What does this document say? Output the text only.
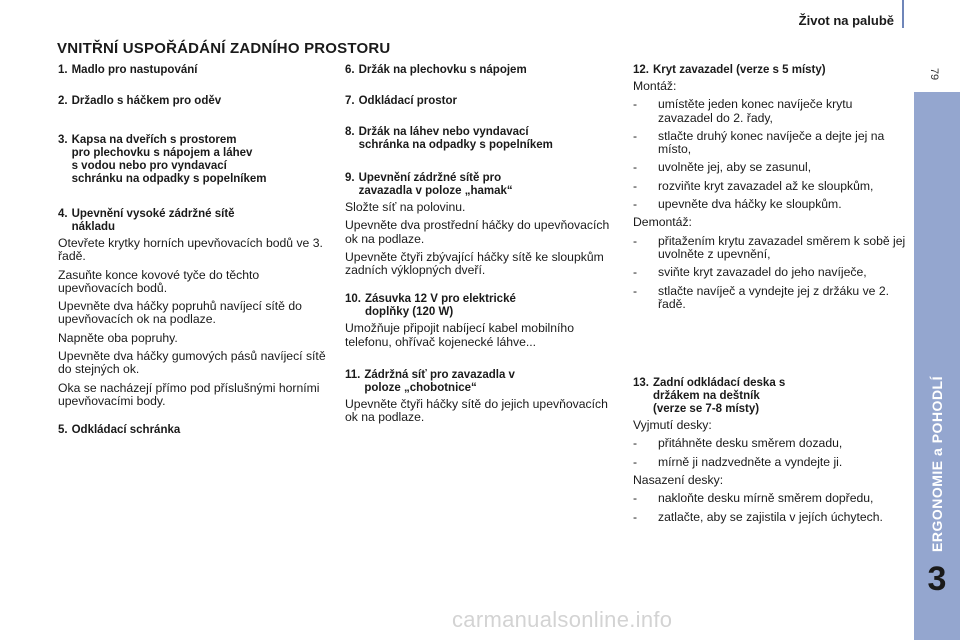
Život na palubě
79
ERGONOMIE a POHODLÍ
3
VNITŘNÍ USPOŘÁDÁNÍ ZADNÍHO PROSTORU
1. Madlo pro nastupování
2. Držadlo s háčkem pro oděv
3. Kapsa na dveřích s prostorem
pro plechovku s nápojem a láhev
s vodou nebo pro vyndavací
schránku na odpadky s popelníkem
4. Upevnění vysoké zádržné sítě
nákladu
Otevřete krytky horních upevňovacích bodů ve 3. řadě.
Zasuňte konce kovové tyče do těchto upevňovacích bodů.
Upevněte dva háčky popruhů navíjecí sítě do upevňovacích ok na podlaze.
Napněte oba popruhy.
Upevněte dva háčky gumových pásů navíjecí sítě do stejných ok.
Oka se nacházejí přímo pod příslušnými horními upevňovacími body.
5. Odkládací schránka
6. Držák na plechovku s nápojem
7. Odkládací prostor
8. Držák na láhev nebo vyndavací
schránka na odpadky s popelníkem
9. Upevnění zádržné sítě pro
zavazadla v poloze „hamak“
Složte síť na polovinu.
Upevněte dva prostřední háčky do upevňovacích ok na podlaze.
Upevněte čtyři zbývající háčky sítě ke sloupkům zadních výklopných dveří.
10. Zásuvka 12 V pro elektrické
doplňky (120 W)
Umožňuje připojit nabíjecí kabel mobilního telefonu, ohřívač kojenecké láhve...
11. Zádržná síť pro zavazadla v
poloze „chobotnice“
Upevněte čtyři háčky sítě do jejich upevňovacích ok na podlaze.
12. Kryt zavazadel (verze s 5 místy)
Montáž:
-	umístěte jeden konec navíječe krytu zavazadel do 2. řady,
-	stlačte druhý konec navíječe a dejte jej na místo,
-	uvolněte jej, aby se zasunul,
-	rozviňte kryt zavazadel až ke sloupkům,
-	upevněte dva háčky ke sloupkům.
Demontáž:
-	přitažením krytu zavazadel směrem k sobě jej uvolněte z upevnění,
-	sviňte kryt zavazadel do jeho navíječe,
-	stlačte navíječ a vyndejte jej z držáku ve 2. řadě.
13. Zadní odkládací deska s
držákem na deštník
(verze se 7-8 místy)
Vyjmutí desky:
-	přitáhněte desku směrem dozadu,
-	mírně ji nadzvedněte a vyndejte ji.
Nasazení desky:
-	nakloňte desku mírně směrem dopředu,
-	zatlačte, aby se zajistila v jejích úchytech.
carmanualsonline.info
